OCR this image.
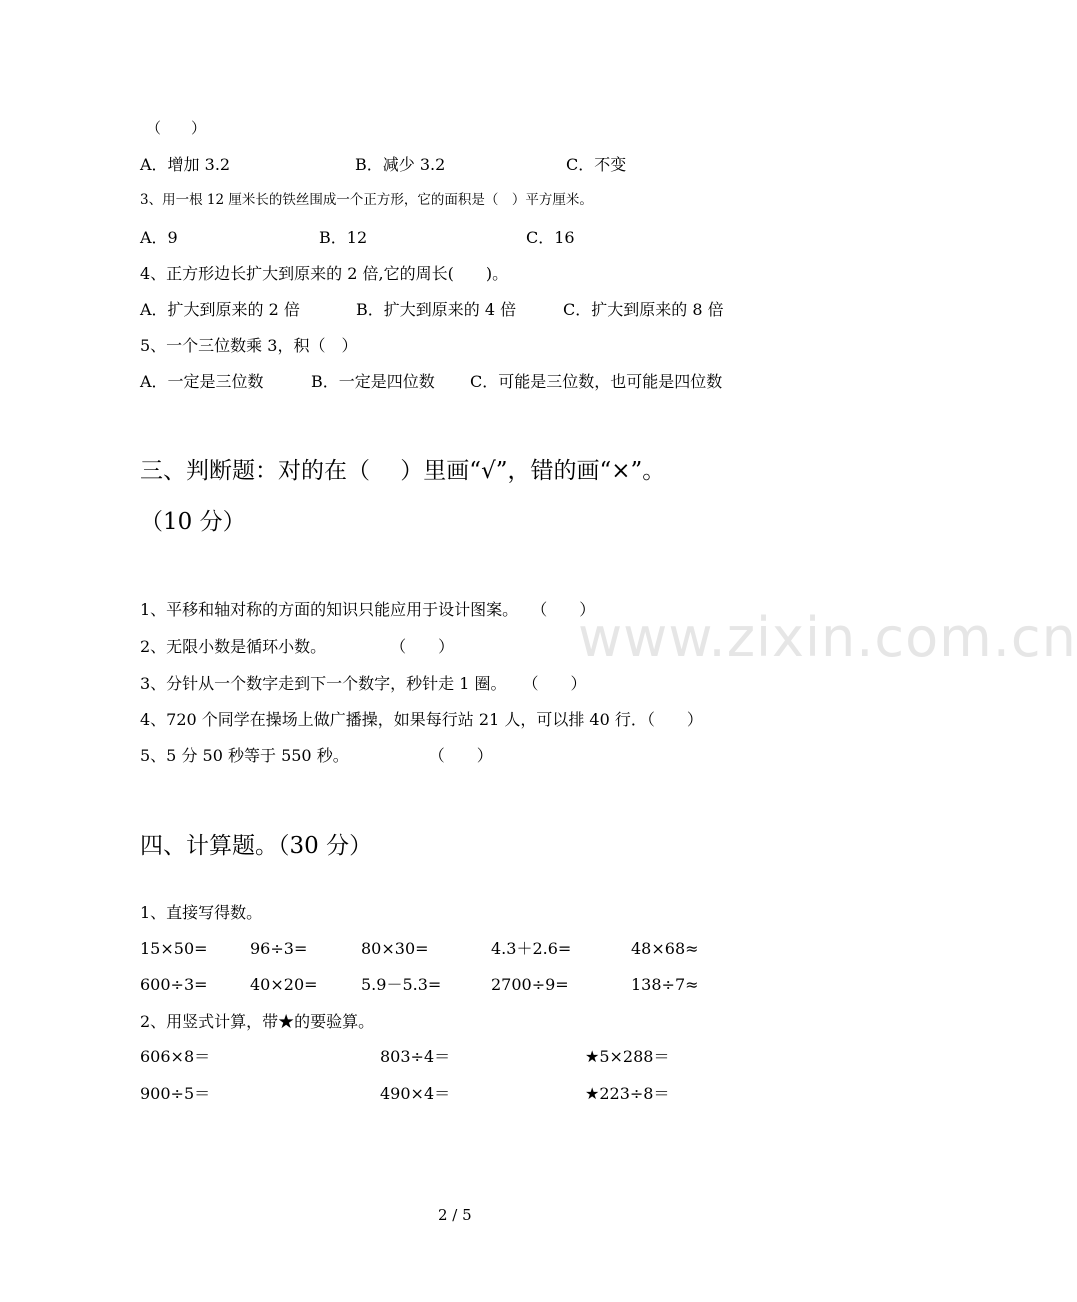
www.zixin.com.cn
（　　）
A．增加 3.2	B．减少 3.2	C．不变
3、用一根 12 厘米长的铁丝围成一个正方形，它的面积是（　）平方厘米。
A．9	B．12	C．16
4、正方形边长扩大到原来的 2 倍,它的周长(　　)。
A．扩大到原来的 2 倍	B．扩大到原来的 4 倍	C．扩大到原来的 8 倍
5、一个三位数乘 3，积（　）
A．一定是三位数	B．一定是四位数 C．可能是三位数，也可能是四位数
三、判断题：对的在（　 ）里画“√”，错的画“×”。
（10 分）
1、平移和轴对称的方面的知识只能应用于设计图案。　 （　　）
2、无限小数是循环小数。　　　　　（　　）
3、分针从一个数字走到下一个数字，秒针走 1 圈。　　（　　）
4、720 个同学在操场上做广播操，如果每行站 21 人，可以排 40 行．（　　）
5、5 分 50 秒等于 550 秒。　　　　　　（　　）
四、计算题。（30 分）
1、直接写得数。
15×50=	96÷3=	80×30=	4.3＋2.6=	48×68≈
600÷3=	40×20=	5.9－5.3=	2700÷9=	138÷7≈
2、用竖式计算，带★的要验算。
606×8＝	803÷4＝	★5×288＝
900÷5＝	490×4＝	★223÷8＝
2 / 5
